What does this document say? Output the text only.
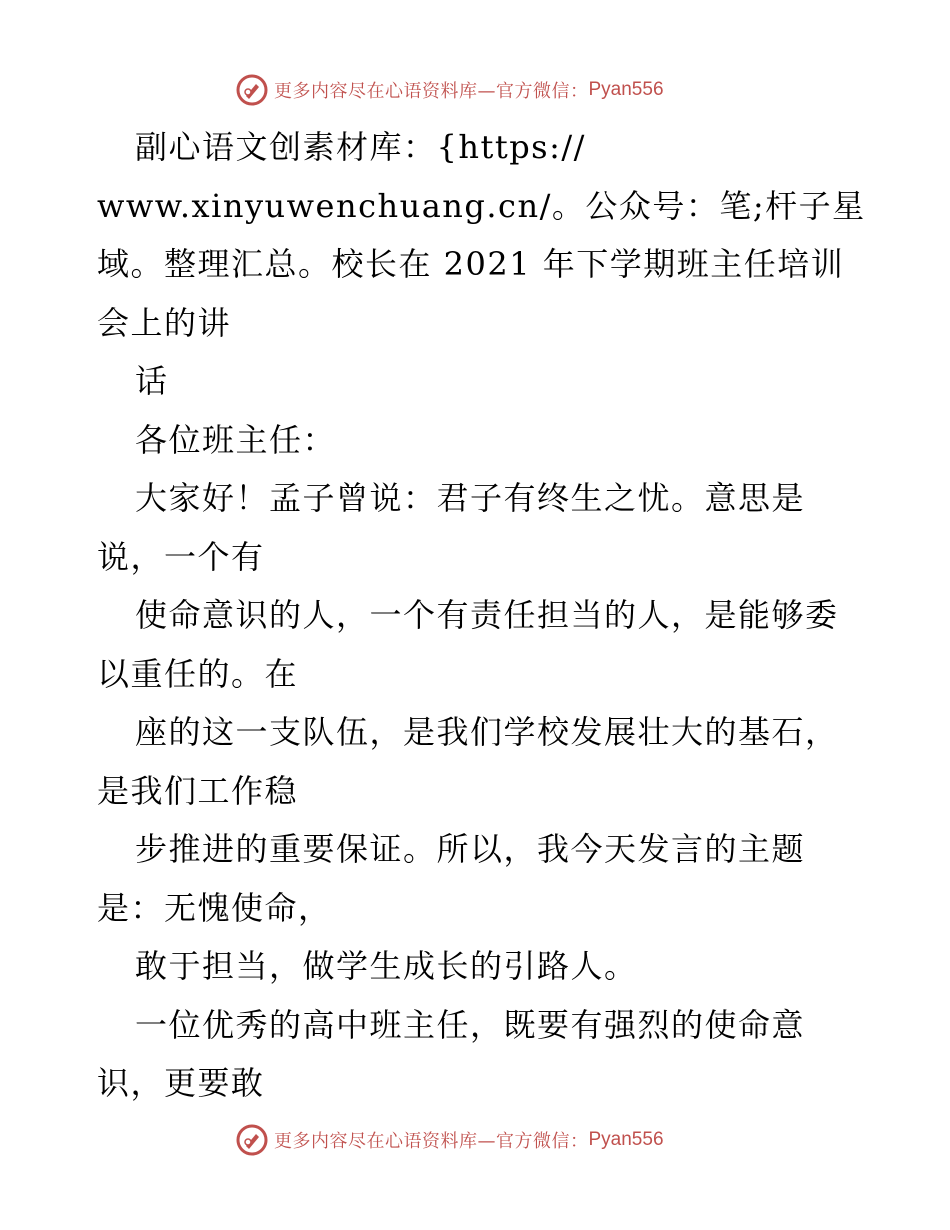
更多内容尽在心语资料库—官方微信： Pyan556
副心语文创素材库：{https://
www.xinyuwenchuang.cn/。公众号：笔;杆子星
域。整理汇总。校长在 2021 年下学期班主任培训
会上的讲
话
各位班主任：
大家好！孟子曾说：君子有终生之忧。意思是
说，一个有
使命意识的人，一个有责任担当的人，是能够委
以重任的。在
座的这一支队伍，是我们学校发展壮大的基石，
是我们工作稳
步推进的重要保证。所以，我今天发言的主题
是：无愧使命，
敢于担当，做学生成长的引路人。
一位优秀的高中班主任，既要有强烈的使命意
识，更要敢
更多内容尽在心语资料库—官方微信： Pyan556
